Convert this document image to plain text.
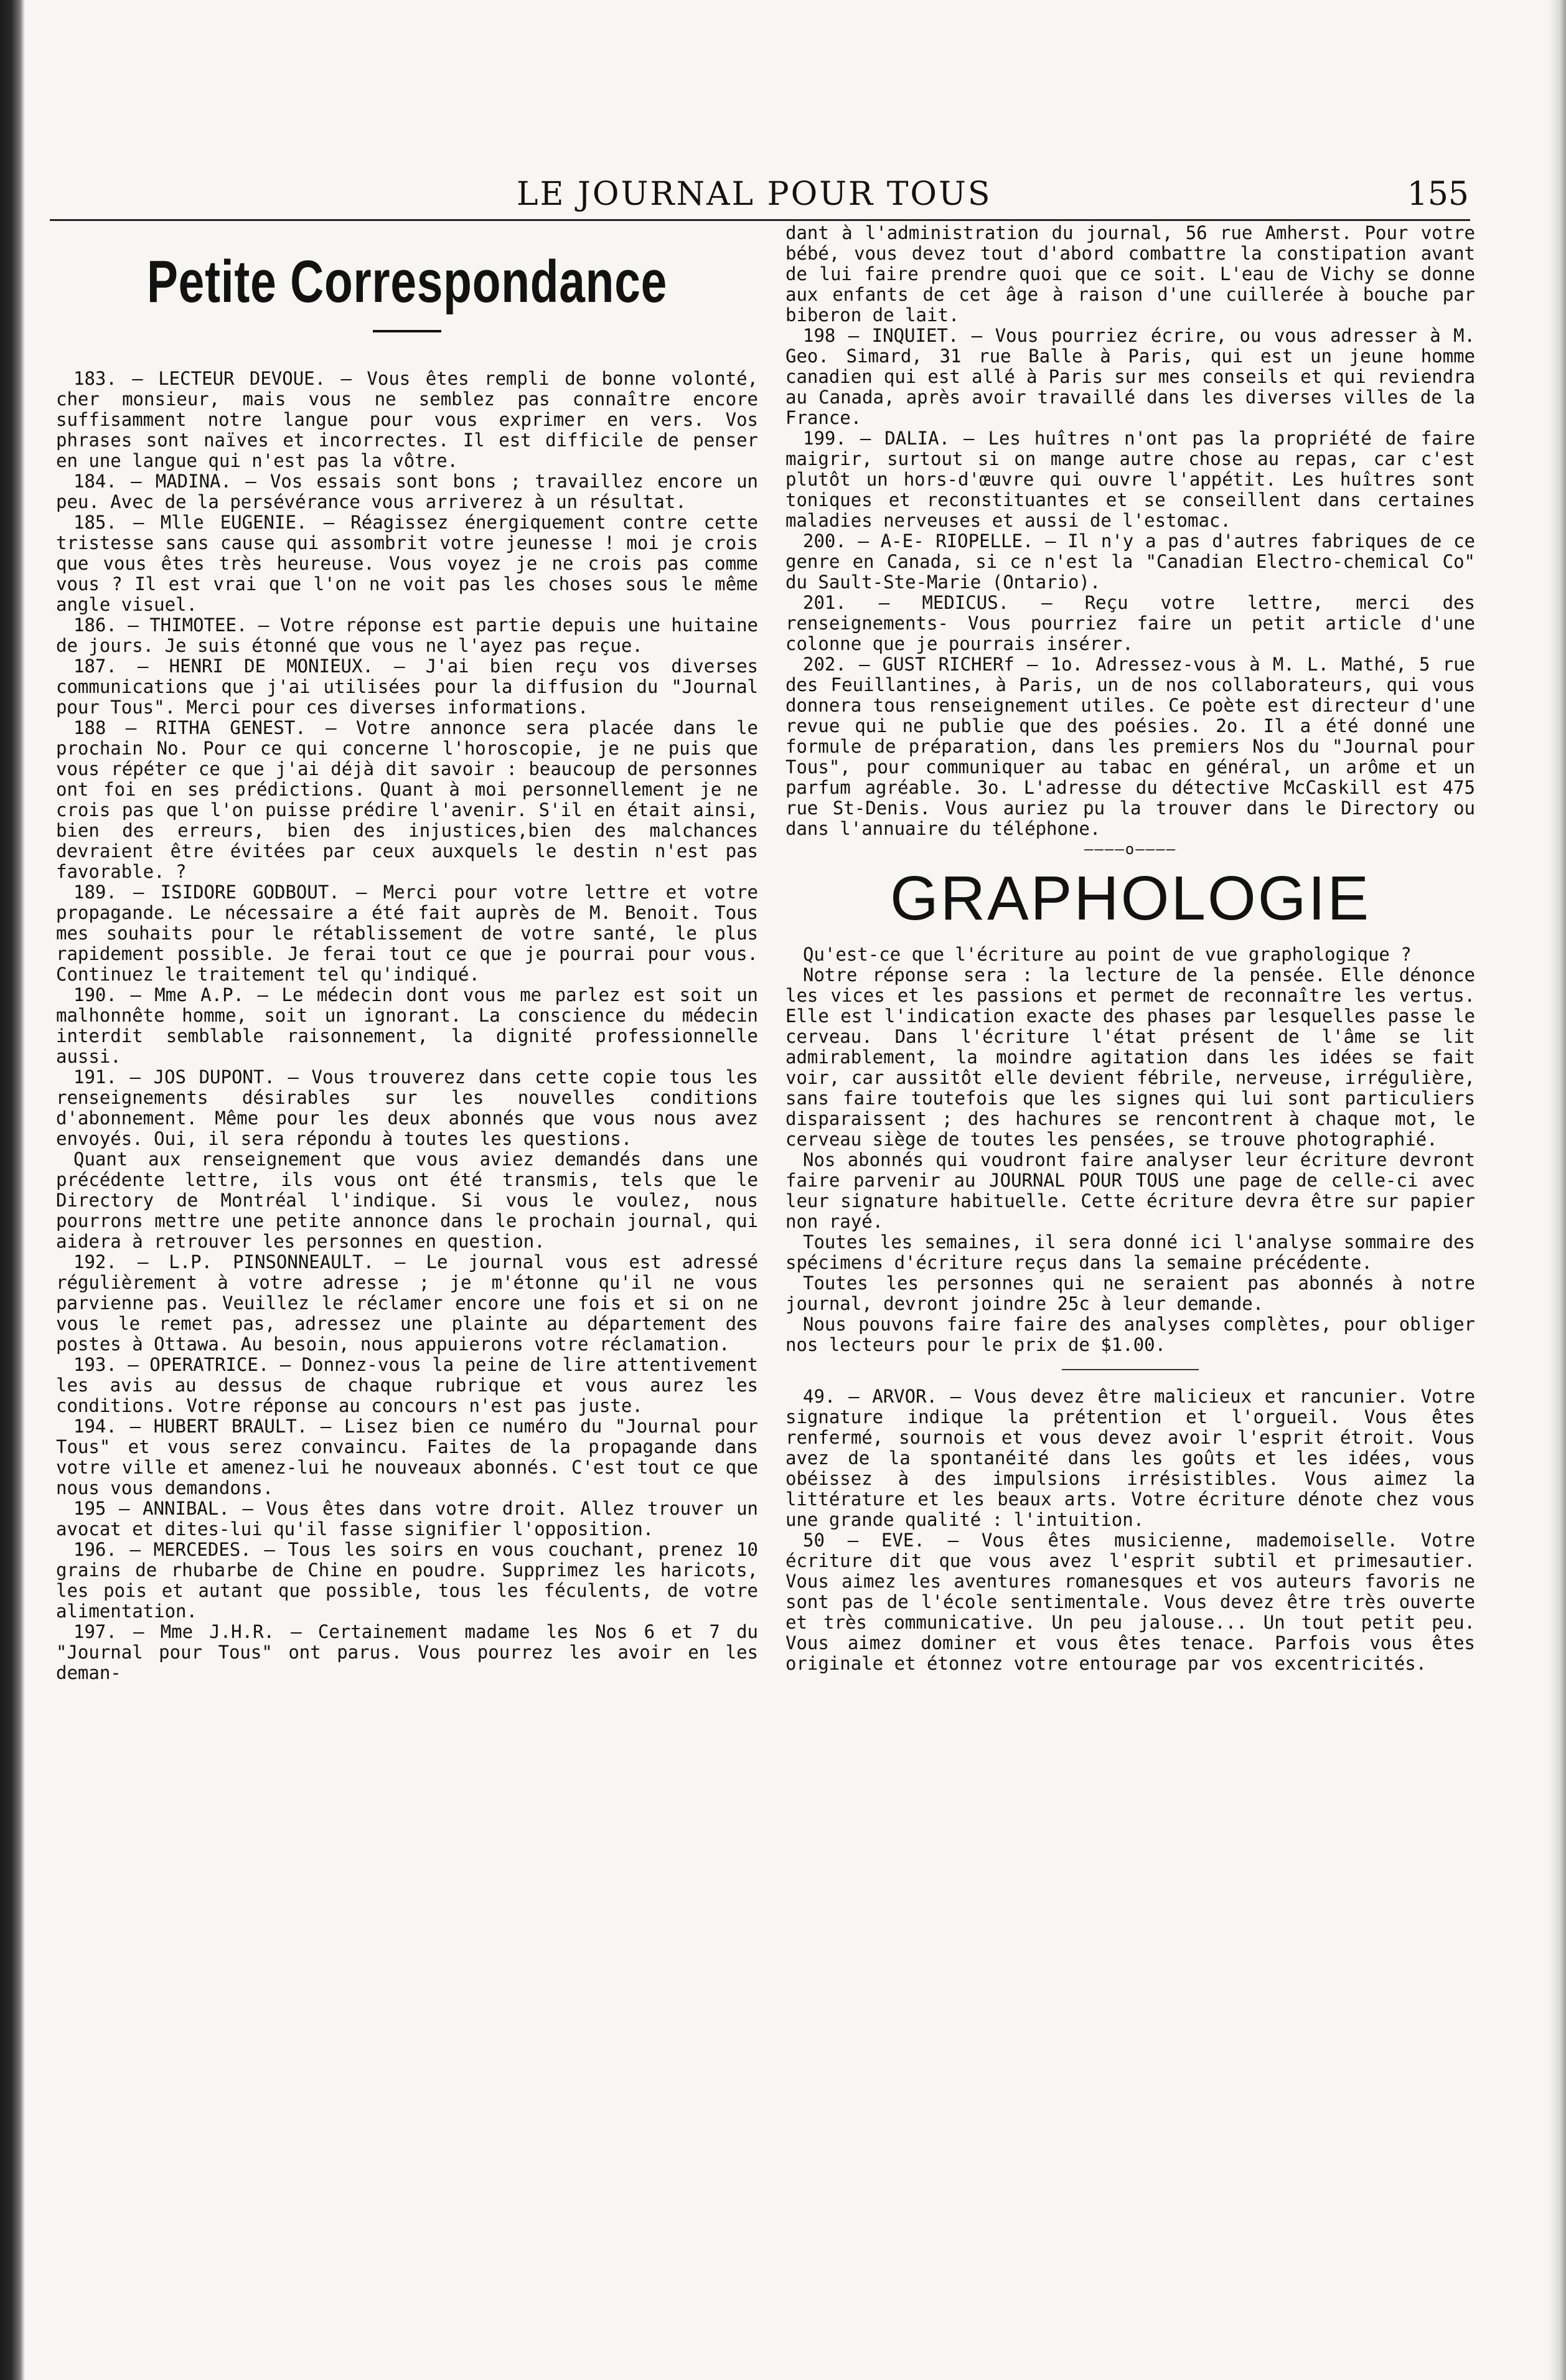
LE JOURNAL POUR TOUS	155
Petite Correspondance

183. — LECTEUR DEVOUE. — Vous êtes rempli de bonne volonté, cher monsieur, mais vous ne semblez pas connaître encore suffisamment notre langue pour vous exprimer en vers. Vos phrases sont naïves et incorrectes. Il est difficile de penser en une langue qui n'est pas la vôtre.

184. — MADINA. — Vos essais sont bons ; travaillez encore un peu. Avec de la persévérance vous arriverez à un résultat.

185. — Mlle EUGENIE. — Réagissez énergiquement contre cette tristesse sans cause qui assombrit votre jeunesse ! moi je crois que vous êtes très heureuse. Vous voyez je ne crois pas comme vous ? Il est vrai que l'on ne voit pas les choses sous le même angle visuel.

186. — THIMOTEE. — Votre réponse est partie depuis une huitaine de jours. Je suis étonné que vous ne l'ayez pas reçue.

187. — HENRI DE MONIEUX. — J'ai bien reçu vos diverses communications que j'ai utilisées pour la diffusion du "Journal pour Tous". Merci pour ces diverses informations.

188 — RITHA GENEST. — Votre annonce sera placée dans le prochain No. Pour ce qui concerne l'horoscopie, je ne puis que vous répéter ce que j'ai déjà dit savoir : beaucoup de personnes ont foi en ses prédictions. Quant à moi personnellement je ne crois pas que l'on puisse prédire l'avenir. S'il en était ainsi, bien des erreurs, bien des injustices,bien des malchances devraient être évitées par ceux auxquels le destin n'est pas favorable. ?

189. — ISIDORE GODBOUT. — Merci pour votre lettre et votre propagande. Le nécessaire a été fait auprès de M. Benoit. Tous mes souhaits pour le rétablissement de votre santé, le plus rapidement possible. Je ferai tout ce que je pourrai pour vous. Continuez le traitement tel qu'indiqué.

190. — Mme A.P. — Le médecin dont vous me parlez est soit un malhonnête homme, soit un ignorant. La conscience du médecin interdit semblable raisonnement, la dignité professionnelle aussi.

191. — JOS DUPONT. — Vous trouverez dans cette copie tous les renseignements désirables sur les nouvelles conditions d'abonnement. Même pour les deux abonnés que vous nous avez envoyés. Oui, il sera répondu à toutes les questions.

Quant aux renseignement que vous aviez demandés dans une précédente lettre, ils vous ont été transmis, tels que le Directory de Montréal l'indique. Si vous le voulez, nous pourrons mettre une petite annonce dans le prochain journal, qui aidera à retrouver les personnes en question.

192. — L.P. PINSONNEAULT. — Le journal vous est adressé régulièrement à votre adresse ; je m'étonne qu'il ne vous parvienne pas. Veuillez le réclamer encore une fois et si on ne vous le remet pas, adressez une plainte au département des postes à Ottawa. Au besoin, nous appuierons votre réclamation.

193. — OPERATRICE. — Donnez-vous la peine de lire attentivement les avis au dessus de chaque rubrique et vous aurez les conditions. Votre réponse au concours n'est pas juste.

194. — HUBERT BRAULT. — Lisez bien ce numéro du "Journal pour Tous" et vous serez convaincu. Faites de la propagande dans votre ville et amenez-lui he nouveaux abonnés. C'est tout ce que nous vous demandons.

195 — ANNIBAL. — Vous êtes dans votre droit. Allez trouver un avocat et dites-lui qu'il fasse signifier l'opposition.

196. — MERCEDES. — Tous les soirs en vous couchant, prenez 10 grains de rhubarbe de Chine en poudre. Supprimez les haricots, les pois et autant que possible, tous les féculents, de votre alimentation.

197. — Mme J.H.R. — Certainement madame les Nos 6 et 7 du "Journal pour Tous" ont parus. Vous pourrez les avoir en les deman-

dant à l'administration du journal, 56 rue Amherst. Pour votre bébé, vous devez tout d'abord combattre la constipation avant de lui faire prendre quoi que ce soit. L'eau de Vichy se donne aux enfants de cet âge à raison d'une cuillerée à bouche par biberon de lait.

198 — INQUIET. — Vous pourriez écrire, ou vous adresser à M. Geo. Simard, 31 rue Balle à Paris, qui est un jeune homme canadien qui est allé à Paris sur mes conseils et qui reviendra au Canada, après avoir travaillé dans les diverses villes de la France.

199. — DALIA. — Les huîtres n'ont pas la propriété de faire maigrir, surtout si on mange autre chose au repas, car c'est plutôt un hors-d'œuvre qui ouvre l'appétit. Les huîtres sont toniques et reconstituantes et se conseillent dans certaines maladies nerveuses et aussi de l'estomac.

200. — A-E- RIOPELLE. — Il n'y a pas d'autres fabriques de ce genre en Canada, si ce n'est la "Canadian Electro-chemical Co" du Sault-Ste-Marie (Ontario).

201. — MEDICUS. — Reçu votre lettre, merci des renseignements- Vous pourriez faire un petit article d'une colonne que je pourrais insérer.

202. — GUST RICHERf — 1o. Adressez-vous à M. L. Mathé, 5 rue des Feuillantines, à Paris, un de nos collaborateurs, qui vous donnera tous renseignement utiles. Ce poète est directeur d'une revue qui ne publie que des poésies. 2o. Il a été donné une formule de préparation, dans les premiers Nos du "Journal pour Tous", pour communiquer au tabac en général, un arôme et un parfum agréable. 3o. L'adresse du détective McCaskill est 475 rue St-Denis. Vous auriez pu la trouver dans le Directory ou dans l'annuaire du téléphone.

————o————
GRAPHOLOGIE

Qu'est-ce que l'écriture au point de vue graphologique ?

Notre réponse sera : la lecture de la pensée. Elle dénonce les vices et les passions et permet de reconnaître les vertus. Elle est l'indication exacte des phases par lesquelles passe le cerveau. Dans l'écriture l'état présent de l'âme se lit admirablement, la moindre agitation dans les idées se fait voir, car aussitôt elle devient fébrile, nerveuse, irrégulière, sans faire toutefois que les signes qui lui sont particuliers disparaissent ; des hachures se rencontrent à chaque mot, le cerveau siège de toutes les pensées, se trouve photographié.

Nos abonnés qui voudront faire analyser leur écriture devront faire parvenir au JOURNAL POUR TOUS une page de celle-ci avec leur signature habituelle. Cette écriture devra être sur papier non rayé.

Toutes les semaines, il sera donné ici l'analyse sommaire des spécimens d'écriture reçus dans la semaine précédente.

Toutes les personnes qui ne seraient pas abonnés à notre journal, devront joindre 25c à leur demande.

Nous pouvons faire faire des analyses complètes, pour obliger nos lecteurs pour le prix de $1.00.

49. — ARVOR. — Vous devez être malicieux et rancunier. Votre signature indique la prétention et l'orgueil. Vous êtes renfermé, sournois et vous devez avoir l'esprit étroit. Vous avez de la spontanéité dans les goûts et les idées, vous obéissez à des impulsions irrésistibles. Vous aimez la littérature et les beaux arts. Votre écriture dénote chez vous une grande qualité : l'intuition.

50 — EVE. — Vous êtes musicienne, mademoiselle. Votre écriture dit que vous avez l'esprit subtil et primesautier. Vous aimez les aventures romanesques et vos auteurs favoris ne sont pas de l'école sentimentale. Vous devez être très ouverte et très communicative. Un peu jalouse... Un tout petit peu. Vous aimez dominer et vous êtes tenace. Parfois vous êtes originale et étonnez votre entourage par vos excentricités.
